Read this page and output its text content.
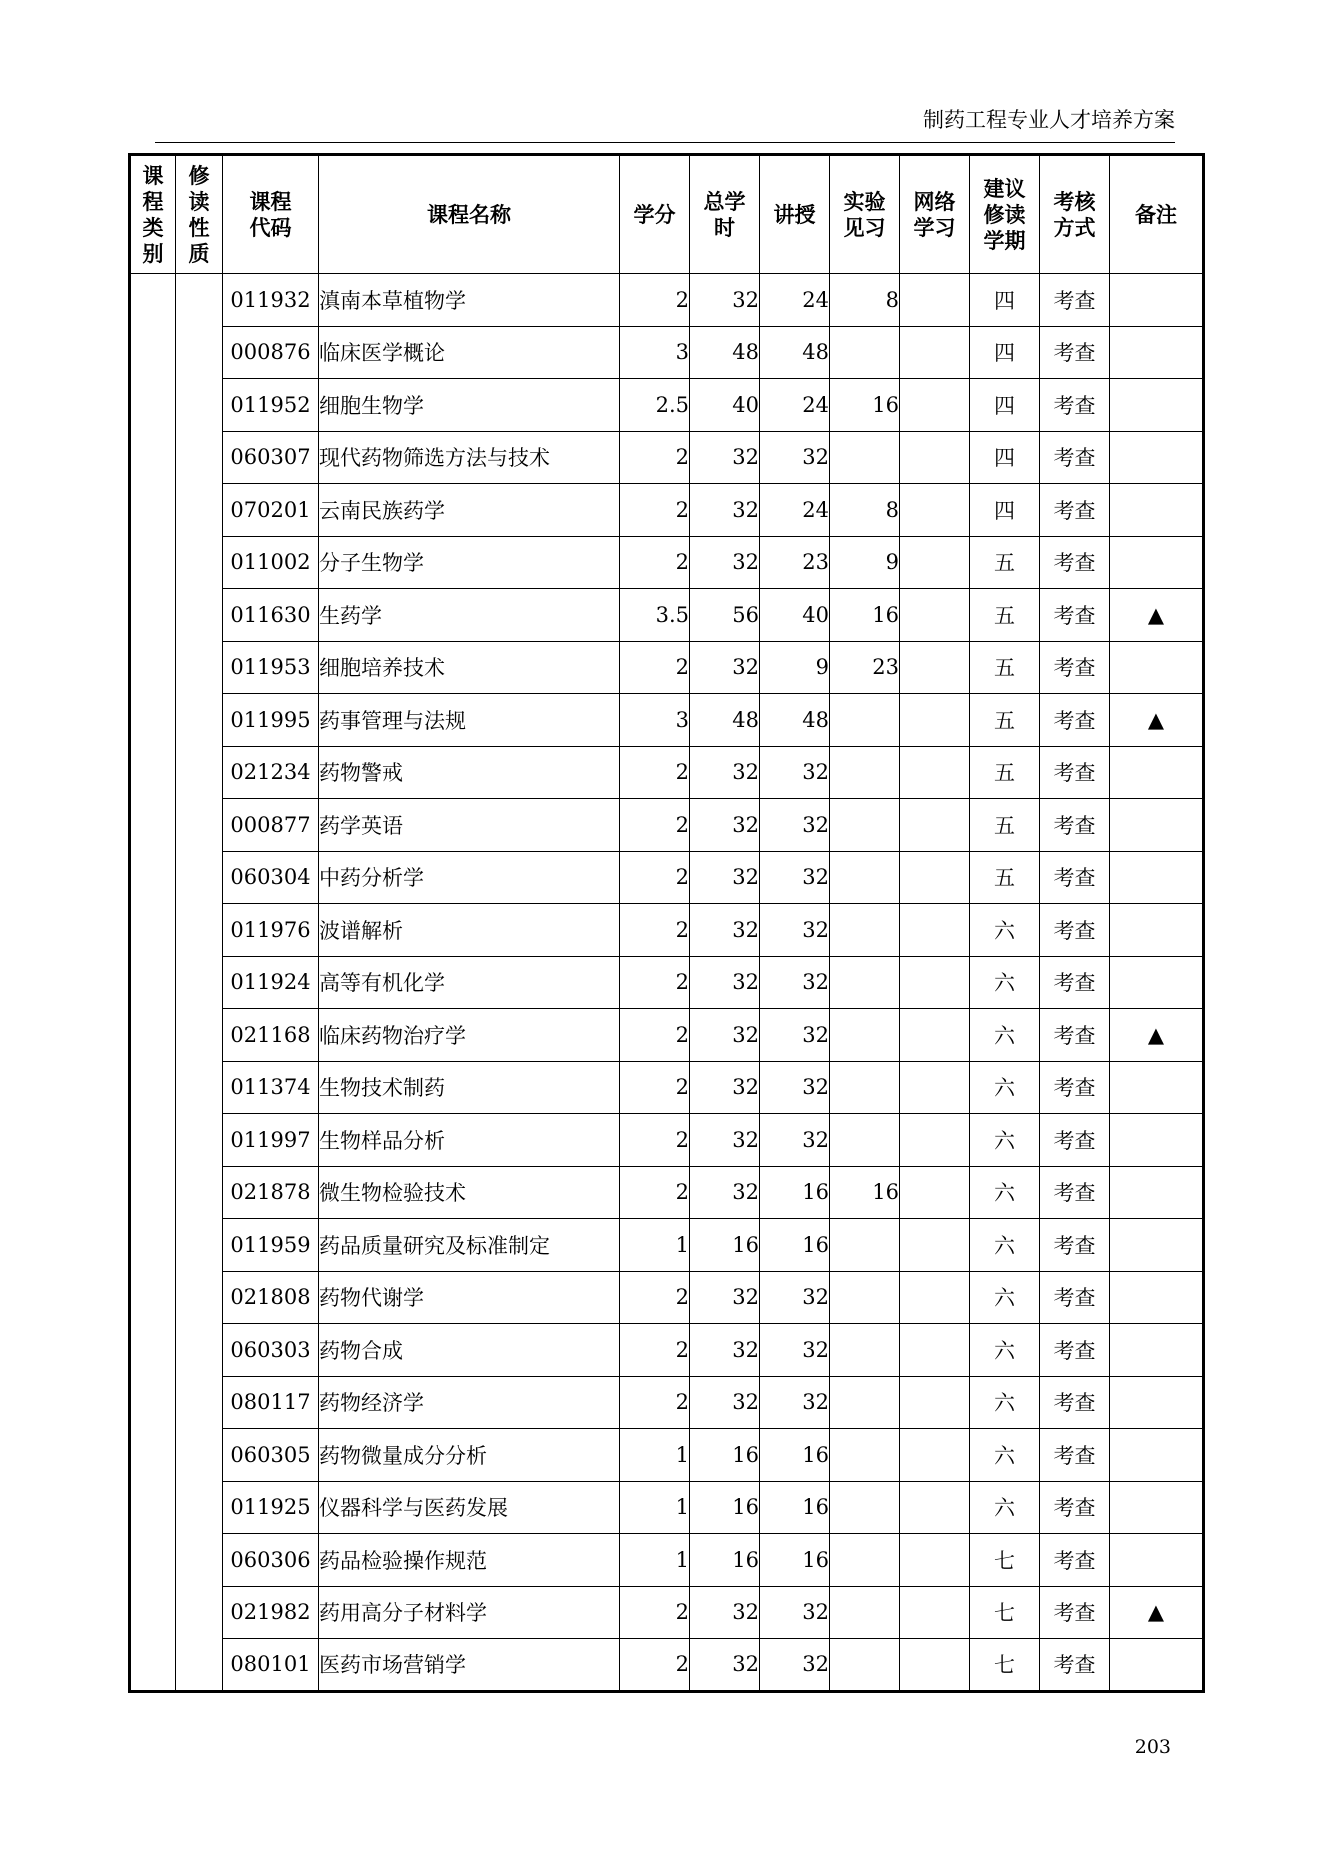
制药工程专业人才培养方案
课
程
类
别	修
读
性
质	课程
代码	课程名称	学分	总学
时	讲授	实验
见习	网络
学习	建议
修读
学期	考核
方式	备注
		011932	滇南本草植物学	2	32	24	8		四	考查	
		000876	临床医学概论	3	48	48			四	考查	
		011952	细胞生物学	2.5	40	24	16		四	考查	
		060307	现代药物筛选方法与技术	2	32	32			四	考查	
		070201	云南民族药学	2	32	24	8		四	考查	
		011002	分子生物学	2	32	23	9		五	考查	
		011630	生药学	3.5	56	40	16		五	考查	▲
		011953	细胞培养技术	2	32	9	23		五	考查	
		011995	药事管理与法规	3	48	48			五	考查	▲
		021234	药物警戒	2	32	32			五	考查	
		000877	药学英语	2	32	32			五	考查	
		060304	中药分析学	2	32	32			五	考查	
		011976	波谱解析	2	32	32			六	考查	
		011924	高等有机化学	2	32	32			六	考查	
		021168	临床药物治疗学	2	32	32			六	考查	▲
		011374	生物技术制药	2	32	32			六	考查	
		011997	生物样品分析	2	32	32			六	考查	
		021878	微生物检验技术	2	32	16	16		六	考查	
		011959	药品质量研究及标准制定	1	16	16			六	考查	
		021808	药物代谢学	2	32	32			六	考查	
		060303	药物合成	2	32	32			六	考查	
		080117	药物经济学	2	32	32			六	考查	
		060305	药物微量成分分析	1	16	16			六	考查	
		011925	仪器科学与医药发展	1	16	16			六	考查	
		060306	药品检验操作规范	1	16	16			七	考查	
		021982	药用高分子材料学	2	32	32			七	考查	▲
		080101	医药市场营销学	2	32	32			七	考查	
203
